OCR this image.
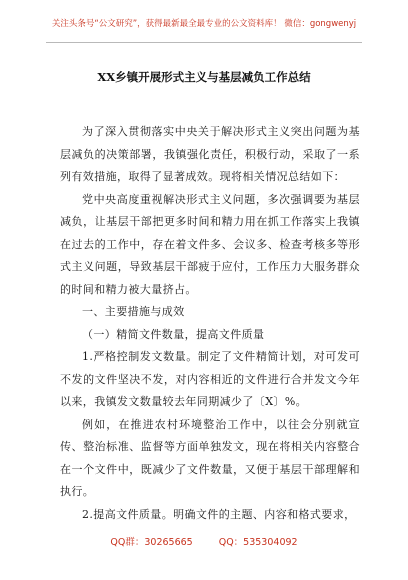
关注头条号“公文研究”，获得最新最全最专业的公文资料库！ 微信：gongwenyj
XX乡镇开展形式主义与基层减负工作总结

为了深入贯彻落实中央关于解决形式主义突出问题为基层减负的决策部署，我镇强化责任，积极行动，采取了一系列有效措施，取得了显著成效。现将相关情况总结如下：

党中央高度重视解决形式主义问题，多次强调要为基层减负，让基层干部把更多时间和精力用在抓工作落实上我镇在过去的工作中，存在着文件多、会议多、检查考核多等形式主义问题，导致基层干部疲于应付，工作压力大服务群众的时间和精力被大量挤占。

一、主要措施与成效

（一）精简文件数量，提高文件质量

1.严格控制发文数量。制定了文件精简计划，对可发可不发的文件坚决不发，对内容相近的文件进行合并发文今年以来，我镇发文数量较去年同期减少了〔X〕%。

例如，在推进农村环境整治工作中，以往会分别就宣传、整治标准、监督等方面单独发文，现在将相关内容整合在一个文件中，既减少了文件数量，又便于基层干部理解和执行。

2.提高文件质量。明确文件的主题、内容和格式要求，

QQ群：30265665	QQ：535304092
